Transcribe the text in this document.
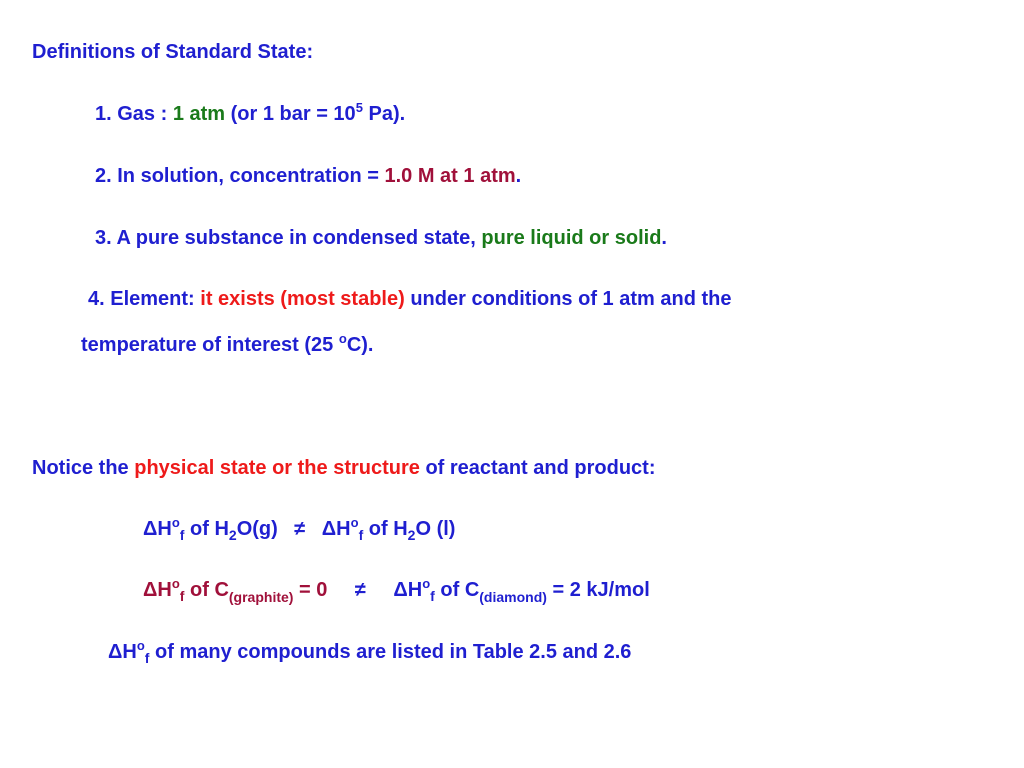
Definitions of Standard State:
1. Gas : 1 atm (or 1 bar = $10^5$ Pa).
2. In solution, concentration = 1.0 M at 1 atm.
3. A pure substance in condensed state, pure liquid or solid.
4. Element: it exists (most stable) under conditions of 1 atm and the
temperature of interest (25 $^o$C).
Notice the physical state or the structure of reactant and product:
$\Delta H^o_f$ of $H_2O(g) \ne \Delta H^o_f$ of $H_2O$ (l)
$\Delta H^o_f$ of $C_{(graphite)} = 0 \ne \Delta H^o_f$ of $C_{(diamond)} = 2$ kJ/mol
$\Delta H^o_f$ of many compounds are listed in Table 2.5 and 2.6
